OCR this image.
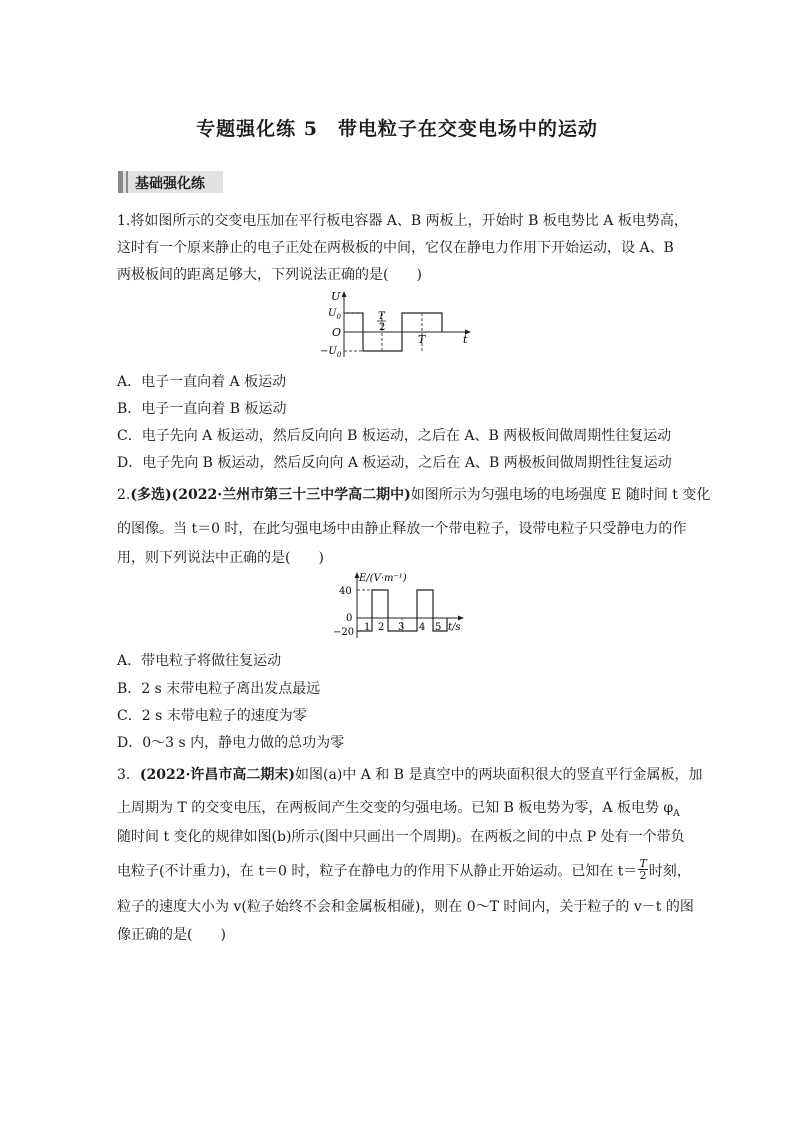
专题强化练 5　带电粒子在交变电场中的运动
基础强化练
1.将如图所示的交变电压加在平行板电容器 A、B 两板上，开始时 B 板电势比 A 板电势高，
这时有一个原来静止的电子正处在两极板的中间，它仅在静电力作用下开始运动，设 A、B
两极板间的距离足够大，下列说法正确的是(　　)
U
$U_0$
O
$-U_0$
T
2
T	t
A．电子一直向着 A 板运动
B．电子一直向着 B 板运动
C．电子先向 A 板运动，然后反向向 B 板运动，之后在 A、B 两极板间做周期性往复运动
D．电子先向 B 板运动，然后反向向 A 板运动，之后在 A、B 两极板间做周期性往复运动
2.(多选)(2022·兰州市第三十三中学高二期中)如图所示为匀强电场的电场强度 E 随时间 t 变化
的图像。当 t＝0 时，在此匀强电场中由静止释放一个带电粒子，设带电粒子只受静电力的作
用，则下列说法中正确的是(　　)
E/(V·m⁻¹)
40
0
−20 1 2 3 4 5 t/s
A．带电粒子将做往复运动
B．2 s 末带电粒子离出发点最远
C．2 s 末带电粒子的速度为零
D．0～3 s 内，静电力做的总功为零
3．(2022·许昌市高二期末)如图(a)中 A 和 B 是真空中的两块面积很大的竖直平行金属板，加
上周期为 T 的交变电压，在两板间产生交变的匀强电场。已知 B 板电势为零，A 板电势 $\varphi_A$
随时间 t 变化的规律如图(b)所示(图中只画出一个周期)。在两板之间的中点 P 处有一个带负
电粒子(不计重力)，在 t＝0 时，粒子在静电力的作用下从静止开始运动。已知在 $t= \frac{T}{2}$ 时刻，
粒子的速度大小为 v(粒子始终不会和金属板相碰)，则在 0～T 时间内，关于粒子的 v－t 的图
像正确的是(　　)
